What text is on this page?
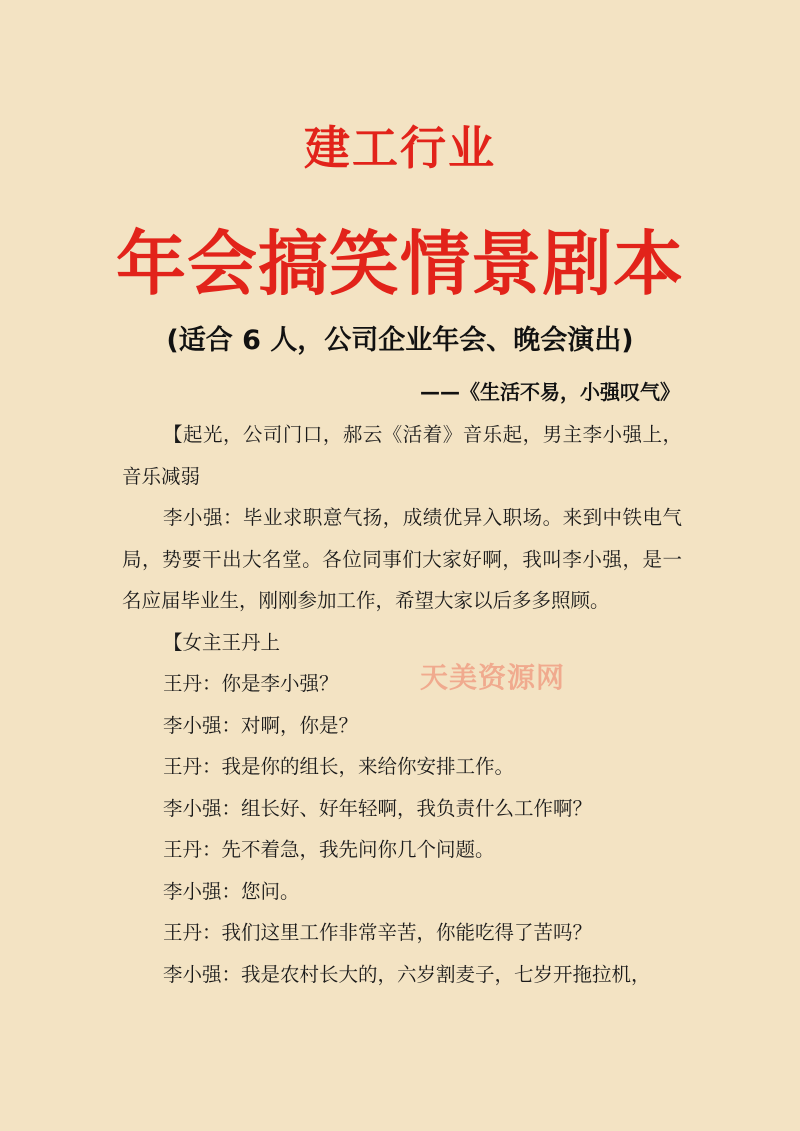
建工行业
年会搞笑情景剧本
(适合 6 人，公司企业年会、晚会演出)
——《生活不易，小强叹气》

【起光，公司门口，郝云《活着》音乐起，男主李小强上，音乐减弱

李小强：毕业求职意气扬，成绩优异入职场。来到中铁电气局，势要干出大名堂。各位同事们大家好啊，我叫李小强，是一名应届毕业生，刚刚参加工作，希望大家以后多多照顾。

【女主王丹上

王丹：你是李小强？

李小强：对啊，你是？

王丹：我是你的组长，来给你安排工作。

李小强：组长好、好年轻啊，我负责什么工作啊？

王丹：先不着急，我先问你几个问题。

李小强：您问。

王丹：我们这里工作非常辛苦，你能吃得了苦吗？

李小强：我是农村长大的，六岁割麦子，七岁开拖拉机，

天美资源网
